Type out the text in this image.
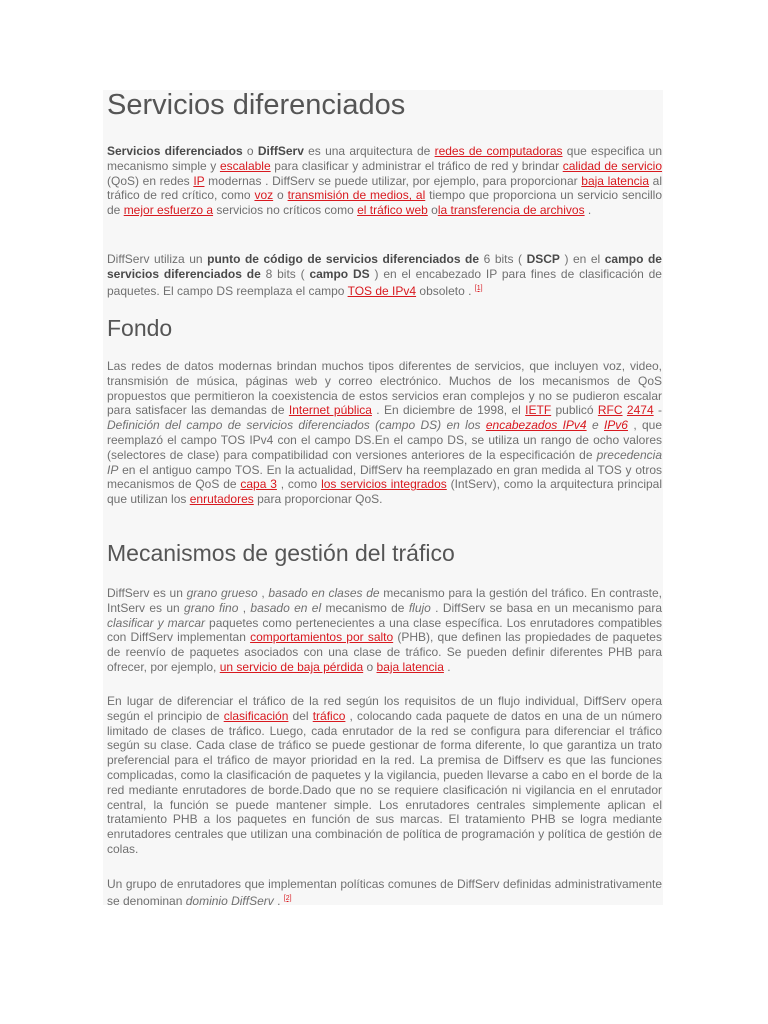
Servicios diferenciados

Servicios diferenciados o DiffServ es una arquitectura de redes de computadoras que especifica un mecanismo simple y escalable para clasificar y administrar el tráfico de red y brindar calidad de servicio (QoS) en redes IP modernas . DiffServ se puede utilizar, por ejemplo, para proporcionar baja latencia al tráfico de red crítico, como voz o transmisión de medios, al tiempo que proporciona un servicio sencillo de mejor esfuerzo a servicios no críticos como el tráfico web ola transferencia de archivos .

DiffServ utiliza un punto de código de servicios diferenciados de 6 bits ( DSCP ) en el campo de servicios diferenciados de 8 bits ( campo DS ) en el encabezado IP para fines de clasificación de paquetes. El campo DS reemplaza el campo TOS de IPv4 obsoleto . [1]

Fondo

Las redes de datos modernas brindan muchos tipos diferentes de servicios, que incluyen voz, video, transmisión de música, páginas web y correo electrónico. Muchos de los mecanismos de QoS propuestos que permitieron la coexistencia de estos servicios eran complejos y no se pudieron escalar para satisfacer las demandas de Internet pública . En diciembre de 1998, el IETF publicó RFC 2474 - Definición del campo de servicios diferenciados (campo DS) en los encabezados IPv4 e IPv6 , que reemplazó el campo TOS IPv4 con el campo DS.En el campo DS, se utiliza un rango de ocho valores (selectores de clase) para compatibilidad con versiones anteriores de la especificación de precedencia IP en el antiguo campo TOS. En la actualidad, DiffServ ha reemplazado en gran medida al TOS y otros mecanismos de QoS de capa 3 , como los servicios integrados (IntServ), como la arquitectura principal que utilizan los enrutadores para proporcionar QoS.

Mecanismos de gestión del tráfico

DiffServ es un grano grueso , basado en clases de mecanismo para la gestión del tráfico. En contraste, IntServ es un grano fino , basado en el mecanismo de flujo . DiffServ se basa en un mecanismo para clasificar y marcar paquetes como pertenecientes a una clase específica. Los enrutadores compatibles con DiffServ implementan comportamientos por salto (PHB), que definen las propiedades de paquetes de reenvío de paquetes asociados con una clase de tráfico. Se pueden definir diferentes PHB para ofrecer, por ejemplo, un servicio de baja pérdida o baja latencia .

En lugar de diferenciar el tráfico de la red según los requisitos de un flujo individual, DiffServ opera según el principio de clasificación del tráfico , colocando cada paquete de datos en una de un número limitado de clases de tráfico. Luego, cada enrutador de la red se configura para diferenciar el tráfico según su clase. Cada clase de tráfico se puede gestionar de forma diferente, lo que garantiza un trato preferencial para el tráfico de mayor prioridad en la red. La premisa de Diffserv es que las funciones complicadas, como la clasificación de paquetes y la vigilancia, pueden llevarse a cabo en el borde de la red mediante enrutadores de borde.Dado que no se requiere clasificación ni vigilancia en el enrutador central, la función se puede mantener simple. Los enrutadores centrales simplemente aplican el tratamiento PHB a los paquetes en función de sus marcas. El tratamiento PHB se logra mediante enrutadores centrales que utilizan una combinación de política de programación y política de gestión de colas.

Un grupo de enrutadores que implementan políticas comunes de DiffServ definidas administrativamente se denominan dominio DiffServ . [2]
